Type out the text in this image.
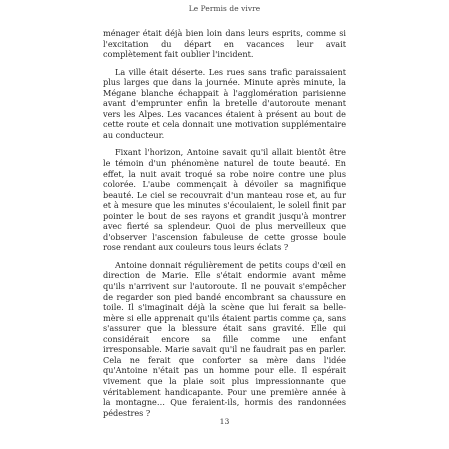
Le Permis de vivre

ménager était déjà bien loin dans leurs esprits, comme si l'excitation du départ en vacances leur avait complètement fait oublier l'incident.

La ville était déserte. Les rues sans trafic paraissaient plus larges que dans la journée. Minute après minute, la Mégane blanche échappait à l'agglomération parisienne avant d'emprunter enfin la bretelle d'autoroute menant vers les Alpes. Les vacances étaient à présent au bout de cette route et cela donnait une motivation supplémentaire au conducteur.

Fixant l'horizon, Antoine savait qu'il allait bientôt être le témoin d'un phénomène naturel de toute beauté. En effet, la nuit avait troqué sa robe noire contre une plus colorée. L'aube commençait à dévoiler sa magnifique beauté. Le ciel se recouvrait d'un manteau rose et, au fur et à mesure que les minutes s'écoulaient, le soleil finit par pointer le bout de ses rayons et grandit jusqu'à montrer avec fierté sa splendeur. Quoi de plus merveilleux que d'observer l'ascension fabuleuse de cette grosse boule rose rendant aux couleurs tous leurs éclats ?

Antoine donnait régulièrement de petits coups d'œil en direction de Marie. Elle s'était endormie avant même qu'ils n'arrivent sur l'autoroute. Il ne pouvait s'empêcher de regarder son pied bandé encombrant sa chaussure en toile. Il s'imaginait déjà la scène que lui ferait sa belle-mère si elle apprenait qu'ils étaient partis comme ça, sans s'assurer que la blessure était sans gravité. Elle qui considérait encore sa fille comme une enfant irresponsable. Marie savait qu'il ne faudrait pas en parler. Cela ne ferait que conforter sa mère dans l'idée qu'Antoine n'était pas un homme pour elle. Il espérait vivement que la plaie soit plus impressionnante que véritablement handicapante. Pour une première année à la montagne… Que feraient-ils, hormis des randonnées pédestres ?

13
